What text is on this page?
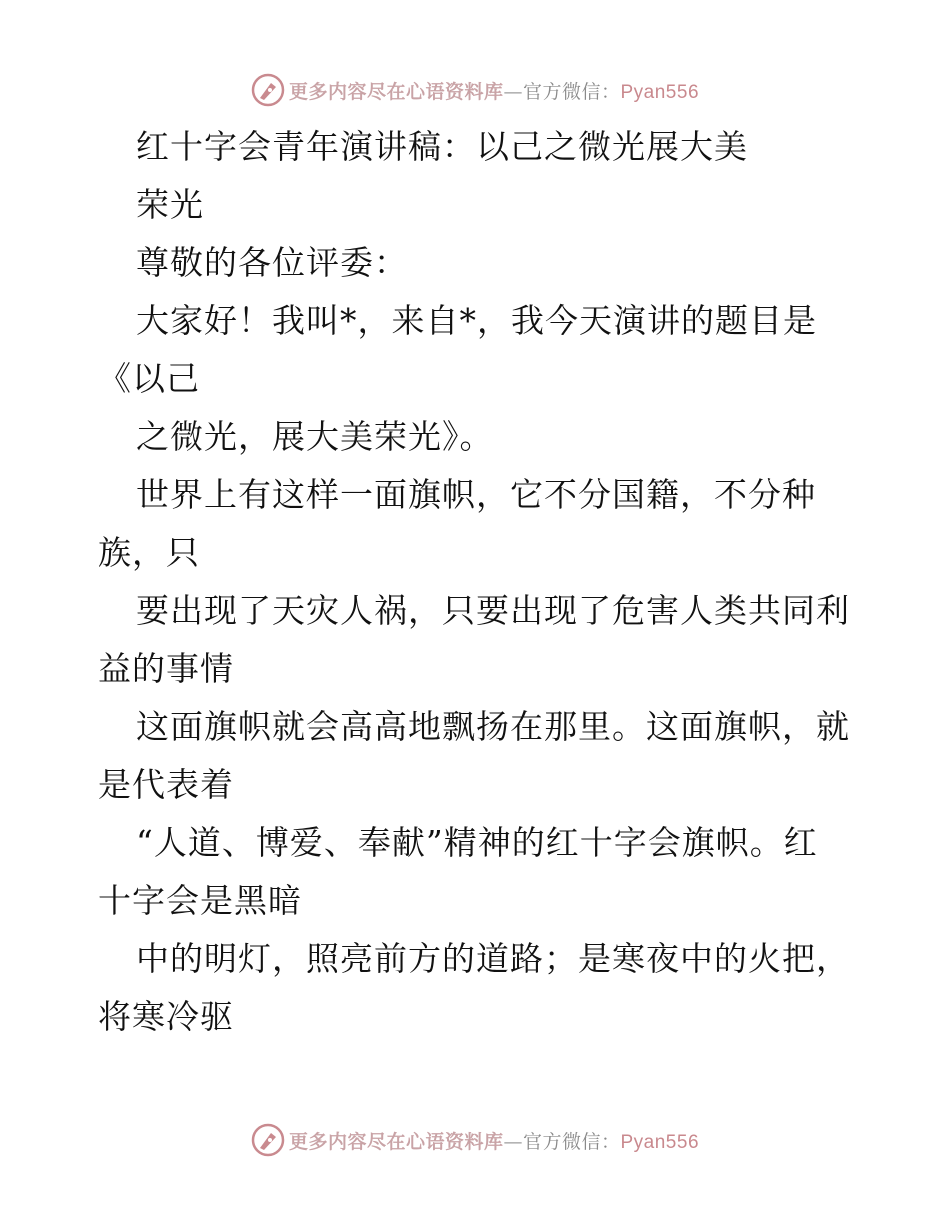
更多内容尽在心语资料库—官方微信：Pyan556
红十字会青年演讲稿：以己之微光展大美
荣光
尊敬的各位评委：
大家好！我叫*，来自*，我今天演讲的题目是
《以己
之微光，展大美荣光》。
世界上有这样一面旗帜，它不分国籍，不分种
族，只
要出现了天灾人祸，只要出现了危害人类共同利
益的事情
这面旗帜就会高高地飘扬在那里。这面旗帜，就
是代表着
“人道、博爱、奉献”精神的红十字会旗帜。红
十字会是黑暗
中的明灯，照亮前方的道路；是寒夜中的火把，
将寒冷驱
更多内容尽在心语资料库—官方微信：Pyan556
